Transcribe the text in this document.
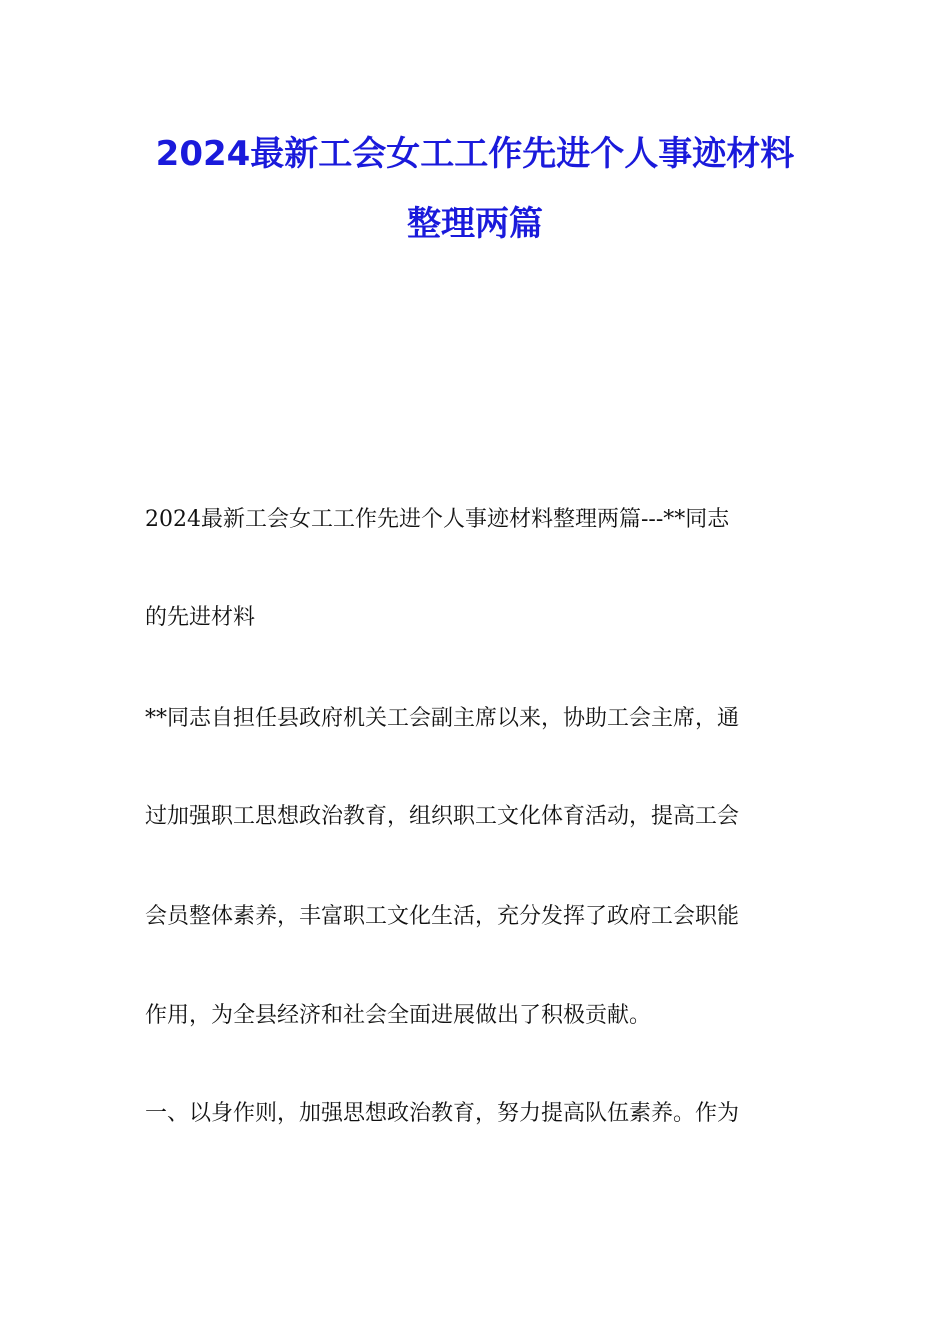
2024最新工会女工工作先进个人事迹材料
整理两篇
2024最新工会女工工作先进个人事迹材料整理两篇---**同志
的先进材料
**同志自担任县政府机关工会副主席以来，协助工会主席，通
过加强职工思想政治教育，组织职工文化体育活动，提高工会
会员整体素养，丰富职工文化生活，充分发挥了政府工会职能
作用，为全县经济和社会全面进展做出了积极贡献。
一、以身作则，加强思想政治教育，努力提高队伍素养。作为
